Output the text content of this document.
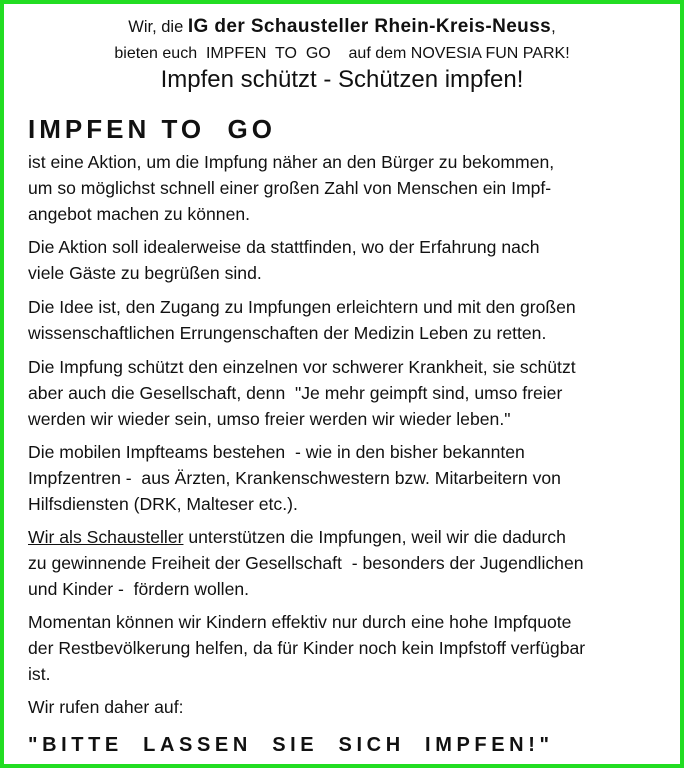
Wir, die IG der Schausteller Rhein-Kreis-Neuss,
bieten euch  IMPFEN  TO  GO    auf dem NOVESIA FUN PARK!
Impfen schützt - Schützen impfen!
IMPFEN TO  GO

ist eine Aktion, um die Impfung näher an den Bürger zu bekommen,
um so möglichst schnell einer großen Zahl von Menschen ein Impf-
angebot machen zu können.

Die Aktion soll idealerweise da stattfinden, wo der Erfahrung nach
viele Gäste zu begrüßen sind.

Die Idee ist, den Zugang zu Impfungen erleichtern und mit den großen
wissenschaftlichen Errungenschaften der Medizin Leben zu retten.

Die Impfung schützt den einzelnen vor schwerer Krankheit, sie schützt
aber auch die Gesellschaft, denn  "Je mehr geimpft sind, umso freier
werden wir wieder sein, umso freier werden wir wieder leben."

Die mobilen Impfteams bestehen  - wie in den bisher bekannten
Impfzentren -  aus Ärzten, Krankenschwestern bzw. Mitarbeitern von
Hilfsdiensten (DRK, Malteser etc.).

Wir als Schausteller unterstützen die Impfungen, weil wir die dadurch
zu gewinnende Freiheit der Gesellschaft  - besonders der Jugendlichen
und Kinder -  fördern wollen.

Momentan können wir Kindern effektiv nur durch eine hohe Impfquote
der Restbevölkerung helfen, da für Kinder noch kein Impfstoff verfügbar
ist.

Wir rufen daher auf:

"BITTE  LASSEN  SIE  SICH  IMPFEN!"
